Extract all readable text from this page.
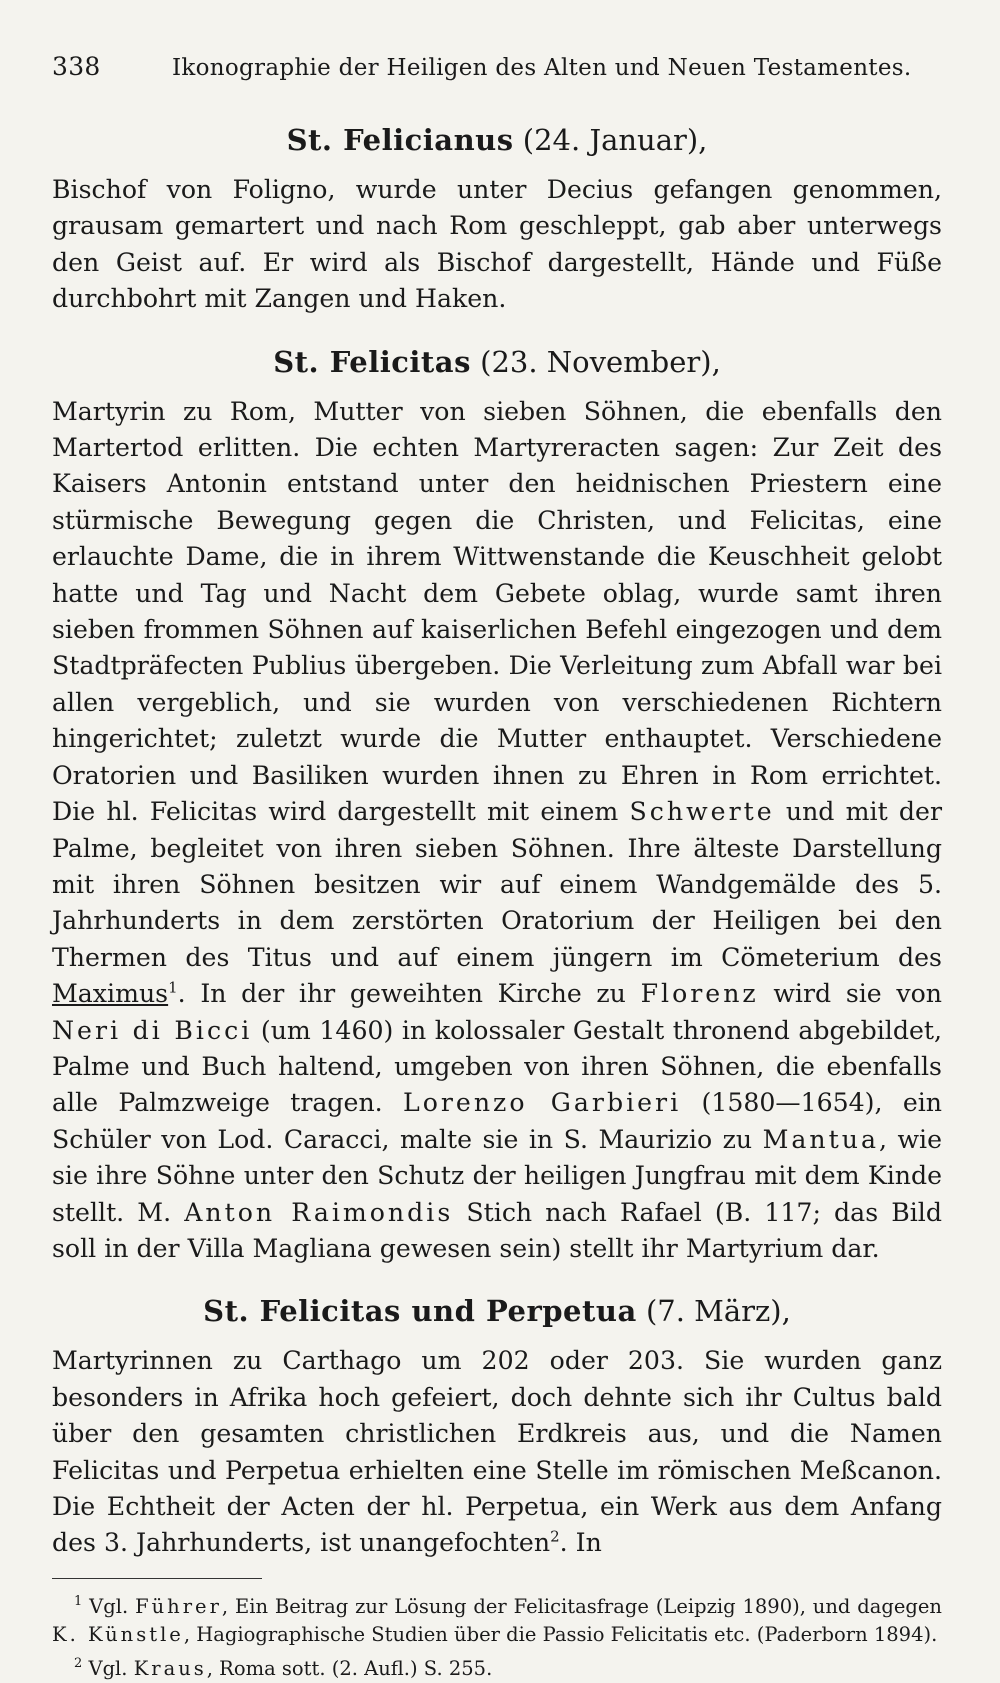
338	Ikonographie der Heiligen des Alten und Neuen Testamentes.
St. Felicianus (24. Januar),

Bischof von Foligno, wurde unter Decius gefangen genommen, grausam gemartert und nach Rom geschleppt, gab aber unterwegs den Geist auf. Er wird als Bischof dargestellt, Hände und Füße durchbohrt mit Zangen und Haken.

St. Felicitas (23. November),

Martyrin zu Rom, Mutter von sieben Söhnen, die ebenfalls den Martertod erlitten. Die echten Martyreracten sagen: Zur Zeit des Kaisers Antonin entstand unter den heidnischen Priestern eine stürmische Bewegung gegen die Christen, und Felicitas, eine erlauchte Dame, die in ihrem Wittwenstande die Keuschheit gelobt hatte und Tag und Nacht dem Gebete oblag, wurde samt ihren sieben frommen Söhnen auf kaiserlichen Befehl eingezogen und dem Stadtpräfecten Publius übergeben. Die Verleitung zum Abfall war bei allen vergeblich, und sie wurden von verschiedenen Richtern hingerichtet; zuletzt wurde die Mutter enthauptet. Verschiedene Oratorien und Basiliken wurden ihnen zu Ehren in Rom errichtet. Die hl. Felicitas wird dargestellt mit einem Schwerte und mit der Palme, begleitet von ihren sieben Söhnen. Ihre älteste Darstellung mit ihren Söhnen besitzen wir auf einem Wandgemälde des 5. Jahrhunderts in dem zerstörten Oratorium der Heiligen bei den Thermen des Titus und auf einem jüngern im Cömeterium des Maximus$^1$. In der ihr geweihten Kirche zu Florenz wird sie von Neri di Bicci (um 1460) in kolossaler Gestalt thronend abgebildet, Palme und Buch haltend, umgeben von ihren Söhnen, die ebenfalls alle Palmzweige tragen. Lorenzo Garbieri (1580—1654), ein Schüler von Lod. Caracci, malte sie in S. Maurizio zu Mantua, wie sie ihre Söhne unter den Schutz der heiligen Jungfrau mit dem Kinde stellt. M. Anton Raimondis Stich nach Rafael (B. 117; das Bild soll in der Villa Magliana gewesen sein) stellt ihr Martyrium dar.

St. Felicitas und Perpetua (7. März),

Martyrinnen zu Carthago um 202 oder 203. Sie wurden ganz besonders in Afrika hoch gefeiert, doch dehnte sich ihr Cultus bald über den gesamten christlichen Erdkreis aus, und die Namen Felicitas und Perpetua erhielten eine Stelle im römischen Meßcanon. Die Echtheit der Acten der hl. Perpetua, ein Werk aus dem Anfang des 3. Jahrhunderts, ist unangefochten$^2$. In

$^1$ Vgl. Führer, Ein Beitrag zur Lösung der Felicitasfrage (Leipzig 1890), und dagegen K. Künstle, Hagiographische Studien über die Passio Felicitatis etc. (Paderborn 1894).

$^2$ Vgl. Kraus, Roma sott. (2. Aufl.) S. 255.
